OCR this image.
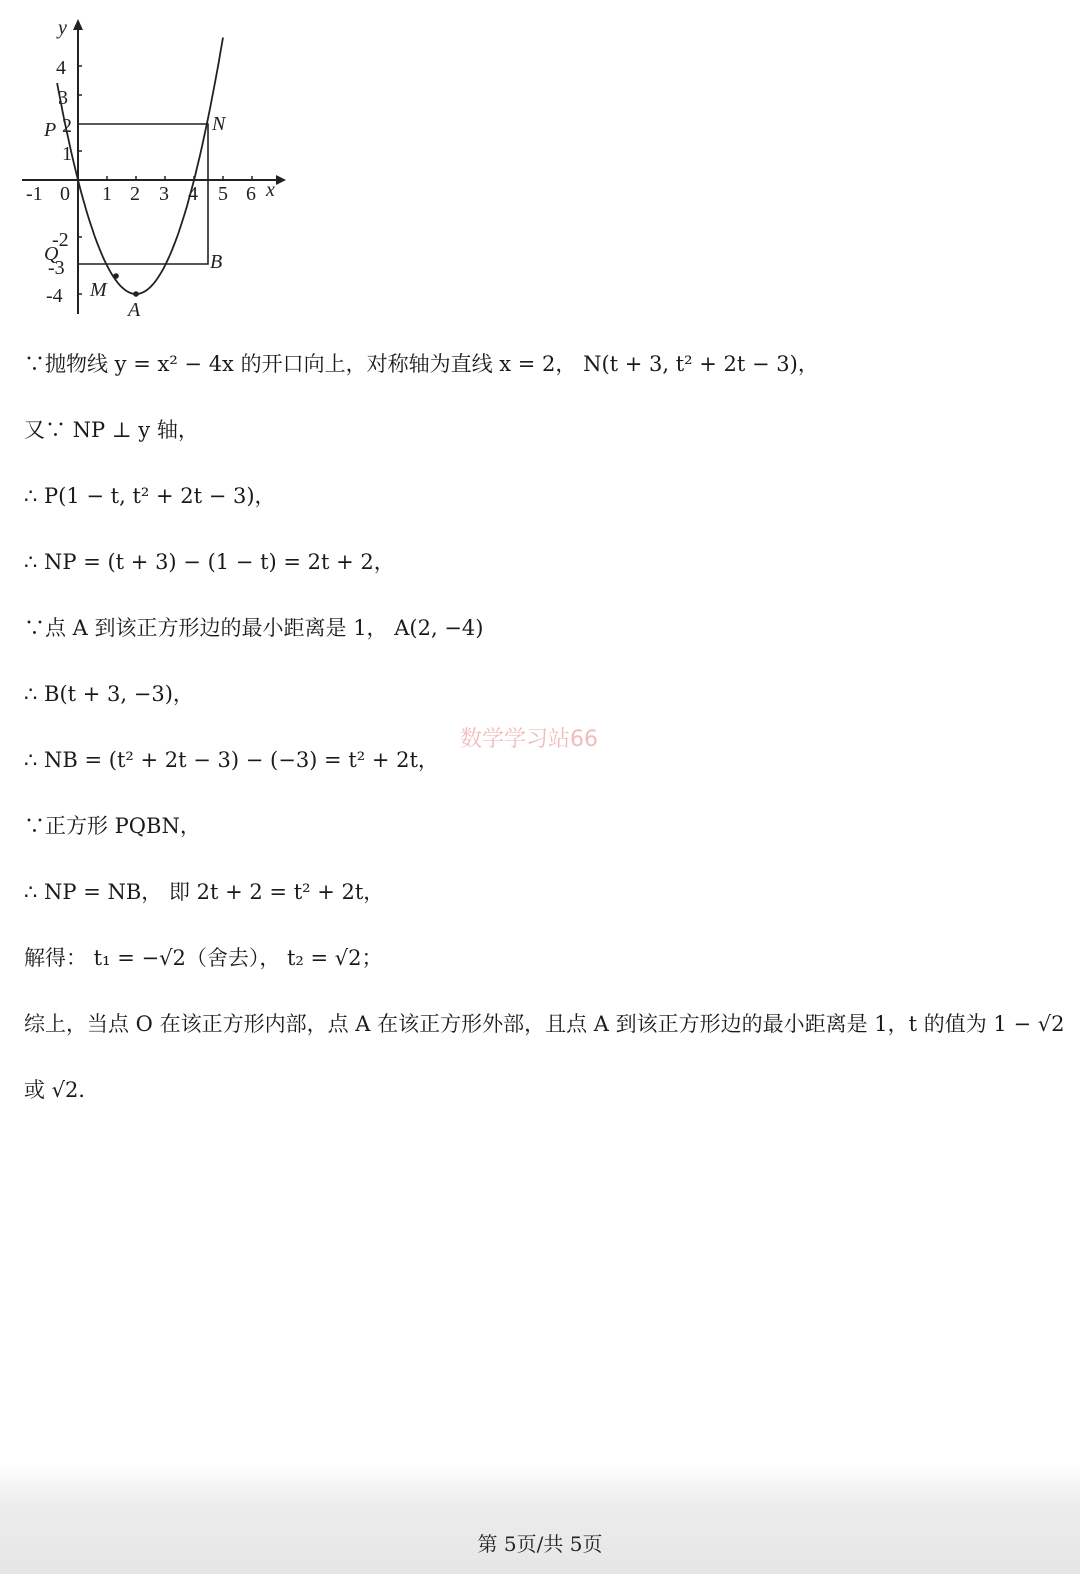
y
x
4
3
2
1
-2
-3
-4
-1 0 1 2 3 4 5 6
P	N
Q	B
M
A
∵抛物线 y = x² − 4x 的开口向上，对称轴为直线 x = 2， N(t + 3, t² + 2t − 3)，
又∵ NP ⊥ y 轴，
∴ P(1 − t, t² + 2t − 3)，
∴ NP = (t + 3) − (1 − t) = 2t + 2，
∵点 A 到该正方形边的最小距离是 1， A(2, −4)
∴ B(t + 3, −3)，
∴ NB = (t² + 2t − 3) − (−3) = t² + 2t，
∵正方形 PQBN，
∴ NP = NB， 即 2t + 2 = t² + 2t，
解得： t₁ = −√2（舍去）， t₂ = √2；
综上，当点 O 在该正方形内部，点 A 在该正方形外部，且点 A 到该正方形边的最小距离是 1，t 的值为 1 − √2
或 √2．
数学学习站66
第 5页/共 5页
